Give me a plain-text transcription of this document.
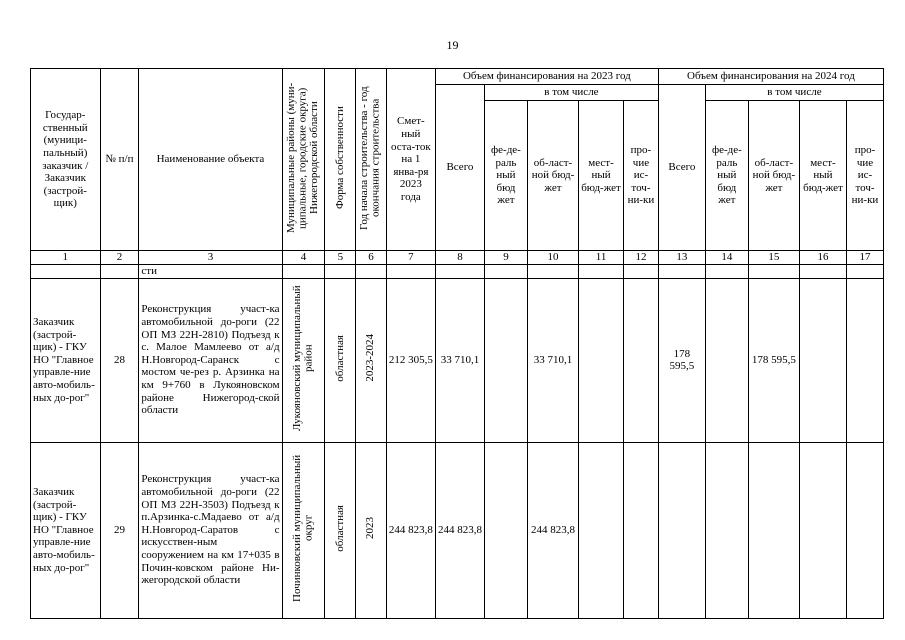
19
Государ-ственный (муници-пальный) заказчик / Заказчик (застрой-щик)	№ п/п	Наименование объекта	Муниципальные районы (муни-ципальные, городские округа) Нижегородской области	Форма собственности	Год начала строительства - год окончания строительства	Смет-ный оста-ток на 1 янва-ря 2023 года	Объем финансирования на 2023 год					Объем финансирования на 2024 год				
							Всего	в том числе				Всего	в том числе			
								фе-де-раль ный бюд жет	об-ласт-ной бюд-жет	мест-ный бюд-жет	про-чие ис-точ-ни-ки		фе-де-раль ный бюд жет	об-ласт-ной бюд-жет	мест-ный бюд-жет	про-чие ис-точ-ни-ки
1	2	3	4	5	6	7	8	9	10	11	12	13	14	15	16	17
		сти														
Заказчик (застрой-щик) - ГКУ НО "Главное управле-ние авто-мобиль-ных до-рог"	28	Реконструкция участ-ка автомобильной до-роги (22 ОП МЗ 22Н-2810) Подъезд к с. Малое Мамлеево от а/д Н.Новгород-Саранск с мостом че-рез р. Арзинка на км 9+760 в Лукояновском районе Нижегород-ской области	Лукояновский муниципальный район	областная	2023-2024	212 305,5	33 710,1		33 710,1			178 595,5		178 595,5		
Заказчик (застрой-щик) - ГКУ НО "Главное управле-ние авто-мобиль-ных до-рог"	29	Реконструкция участ-ка автомобильной до-роги (22 ОП МЗ 22Н-3503) Подъезд к п.Арзинка-с.Мадаево от а/д Н.Новгород-Саратов с искусствен-ным сооружением на км 17+035 в Почин-ковском районе Ни-жегородской области	Починковский муниципальный округ	областная	2023	244 823,8	244 823,8		244 823,8							
